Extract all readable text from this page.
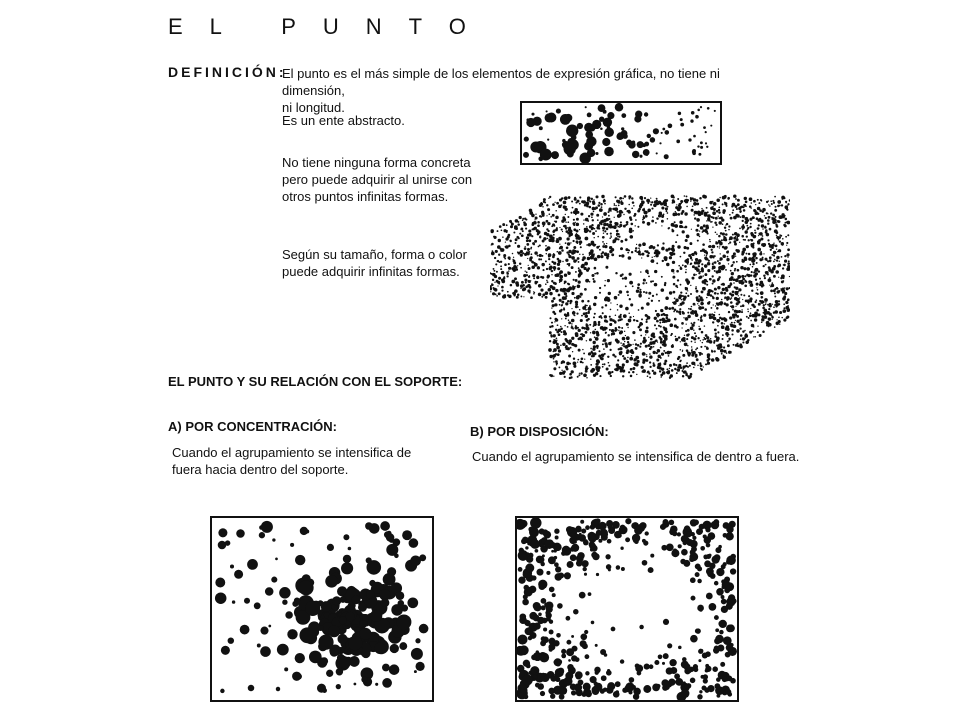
EL PUNTO
DEFINICIÓN:
El punto es el más simple de los elementos de expresión gráfica, no tiene ni dimensión,
ni longitud.
Es un ente abstracto.
No tiene ninguna forma concreta
pero puede adquirir al unirse con
otros puntos infinitas formas.
Según su tamaño, forma o color
puede adquirir infinitas formas.
EL PUNTO Y SU RELACIÓN CON EL SOPORTE:
A) POR CONCENTRACIÓN:
Cuando el agrupamiento se intensifica de
fuera hacia dentro del soporte.
B) POR DISPOSICIÓN:
Cuando el agrupamiento se intensifica de dentro a fuera.
